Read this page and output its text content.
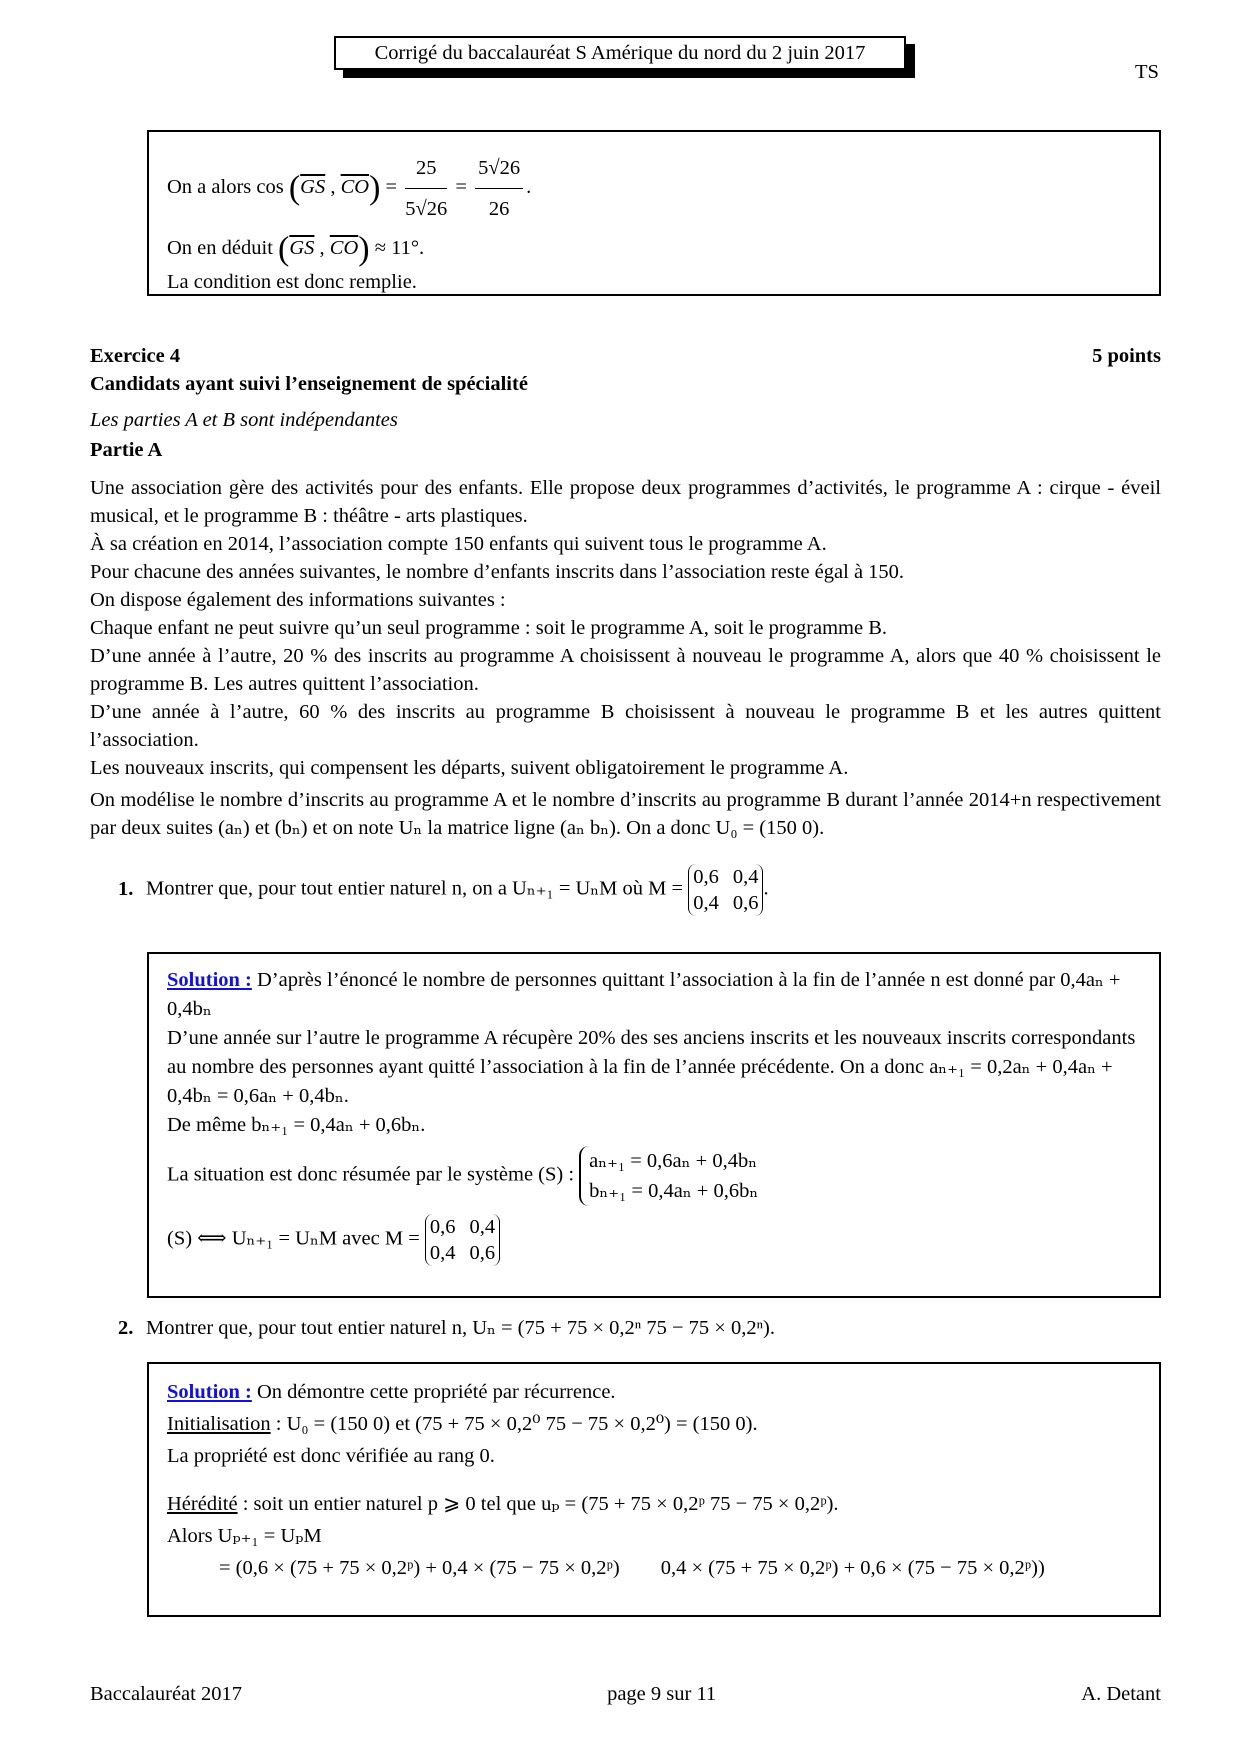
Corrigé du baccalauréat S Amérique du nord du 2 juin 2017
TS

On a alors $\cos (\overline{GS}$ , $\overline{CO}) = \frac{25}{5√26} = \frac{5√26}{26}$ .

On en déduit ($\overline{GS}$ , $\overline{CO}) \approx 11^\circ$.

La condition est donc remplie.

Exercice 4	5 points

Candidats ayant suivi l’enseignement de spécialité

Les parties A et B sont indépendantes

Partie A

Une association gère des activités pour des enfants. Elle propose deux programmes d’activités, le programme A : cirque - éveil musical, et le programme B : théâtre - arts plastiques.

À sa création en 2014, l’association compte 150 enfants qui suivent tous le programme A.

Pour chacune des années suivantes, le nombre d’enfants inscrits dans l’association reste égal à 150.

On dispose également des informations suivantes :

Chaque enfant ne peut suivre qu’un seul programme : soit le programme A, soit le programme B.

D’une année à l’autre, 20 % des inscrits au programme A choisissent à nouveau le programme A, alors que 40 % choisissent le programme B. Les autres quittent l’association.

D’une année à l’autre, 60 % des inscrits au programme B choisissent à nouveau le programme B et les autres quittent l’association.

Les nouveaux inscrits, qui compensent les départs, suivent obligatoirement le programme A.

On modélise le nombre d’inscrits au programme A et le nombre d’inscrits au programme B durant l’année 2014+n respectivement par deux suites (aₙ) et (bₙ) et on note Uₙ la matrice ligne (aₙ bₙ). On a donc U₀ = (150 0).

1. Montrer que, pour tout entier naturel n, on a Uₙ₊₁ = UₙM où M =
0,6 0,4
0,4 0,6
.

Solution : D’après l’énoncé le nombre de personnes quittant l’association à la fin de l’année n est donné par 0,4aₙ + 0,4bₙ

D’une année sur l’autre le programme A récupère 20% des ses anciens inscrits et les nouveaux inscrits correspondants au nombre des personnes ayant quitté l’association à la fin de l’année précédente. On a donc aₙ₊₁ = 0,2aₙ + 0,4aₙ + 0,4bₙ = 0,6aₙ + 0,4bₙ.

De même bₙ₊₁ = 0,4aₙ + 0,6bₙ.

La situation est donc résumée par le système (S) :
aₙ₊₁ = 0,6aₙ + 0,4bₙ
bₙ₊₁ = 0,4aₙ + 0,6bₙ

(S) ⟺ Uₙ₊₁ = UₙM avec M =
0,6 0,4
0,4 0,6

2. Montrer que, pour tout entier naturel n, Uₙ = (75 + 75 × 0,2ⁿ 75 − 75 × 0,2ⁿ).

Solution : On démontre cette propriété par récurrence.

Initialisation : U₀ = (150 0) et (75 + 75 × 0,2⁰ 75 − 75 × 0,2⁰) = (150 0).

La propriété est donc vérifiée au rang 0.

Hérédité : soit un entier naturel p ⩾ 0 tel que uₚ = (75 + 75 × 0,2ᵖ 75 − 75 × 0,2ᵖ).

Alors Uₚ₊₁ = UₚM

= (0,6 × (75 + 75 × 0,2ᵖ) + 0,4 × (75 − 75 × 0,2ᵖ)        0,4 × (75 + 75 × 0,2ᵖ) + 0,6 × (75 − 75 × 0,2ᵖ))

Baccalauréat 2017	page 9 sur 11	A. Detant
